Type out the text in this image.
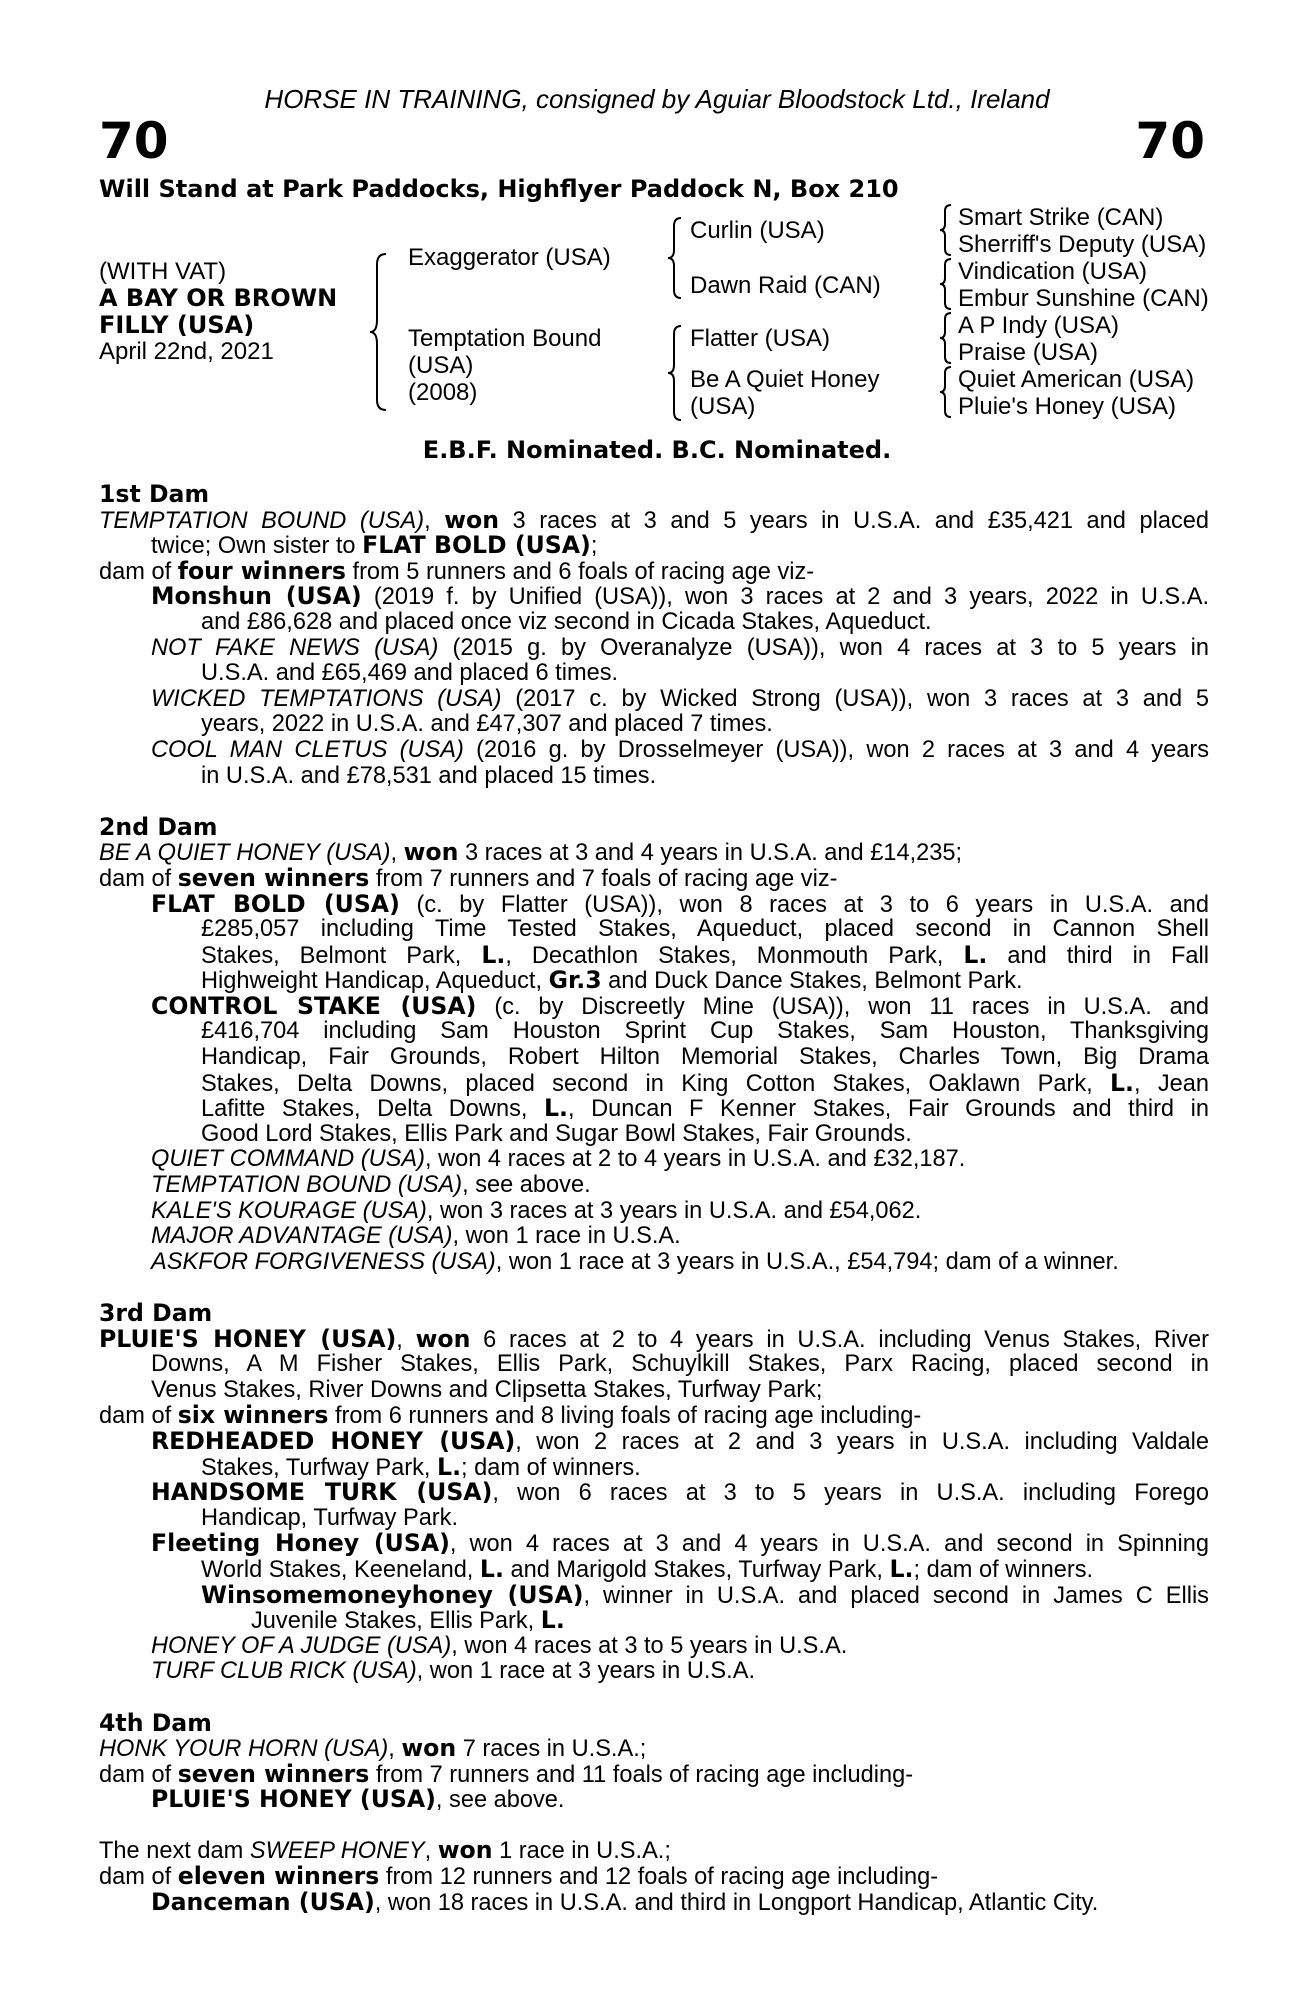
HORSE IN TRAINING, consigned by Aguiar Bloodstock Ltd., Ireland
70	70
Will Stand at Park Paddocks, Highflyer Paddock N, Box 210
(WITH VAT)
A BAY OR BROWN
FILLY (USA)
April 22nd, 2021
Exaggerator (USA)
Temptation Bound
(USA)
(2008)
Curlin (USA)
Dawn Raid (CAN)
Flatter (USA)
Be A Quiet Honey
(USA)
Smart Strike (CAN)
Sherriff's Deputy (USA)
Vindication (USA)
Embur Sunshine (CAN)
A P Indy (USA)
Praise (USA)
Quiet American (USA)
Pluie's Honey (USA)
E.B.F. Nominated. B.C. Nominated.
1st Dam
TEMPTATION BOUND (USA), won 3 races at 3 and 5 years in U.S.A. and £35,421 and placed
twice; Own sister to FLAT BOLD (USA);
dam of four winners from 5 runners and 6 foals of racing age viz-
Monshun (USA) (2019 f. by Unified (USA)), won 3 races at 2 and 3 years, 2022 in U.S.A.
and £86,628 and placed once viz second in Cicada Stakes, Aqueduct.
NOT FAKE NEWS (USA) (2015 g. by Overanalyze (USA)), won 4 races at 3 to 5 years in
U.S.A. and £65,469 and placed 6 times.
WICKED TEMPTATIONS (USA) (2017 c. by Wicked Strong (USA)), won 3 races at 3 and 5
years, 2022 in U.S.A. and £47,307 and placed 7 times.
COOL MAN CLETUS (USA) (2016 g. by Drosselmeyer (USA)), won 2 races at 3 and 4 years
in U.S.A. and £78,531 and placed 15 times.
2nd Dam
BE A QUIET HONEY (USA), won 3 races at 3 and 4 years in U.S.A. and £14,235;
dam of seven winners from 7 runners and 7 foals of racing age viz-
FLAT BOLD (USA) (c. by Flatter (USA)), won 8 races at 3 to 6 years in U.S.A. and
£285,057 including Time Tested Stakes, Aqueduct, placed second in Cannon Shell
Stakes, Belmont Park, L., Decathlon Stakes, Monmouth Park, L. and third in Fall
Highweight Handicap, Aqueduct, Gr.3 and Duck Dance Stakes, Belmont Park.
CONTROL STAKE (USA) (c. by Discreetly Mine (USA)), won 11 races in U.S.A. and
£416,704 including Sam Houston Sprint Cup Stakes, Sam Houston, Thanksgiving
Handicap, Fair Grounds, Robert Hilton Memorial Stakes, Charles Town, Big Drama
Stakes, Delta Downs, placed second in King Cotton Stakes, Oaklawn Park, L., Jean
Lafitte Stakes, Delta Downs, L., Duncan F Kenner Stakes, Fair Grounds and third in
Good Lord Stakes, Ellis Park and Sugar Bowl Stakes, Fair Grounds.
QUIET COMMAND (USA), won 4 races at 2 to 4 years in U.S.A. and £32,187.
TEMPTATION BOUND (USA), see above.
KALE'S KOURAGE (USA), won 3 races at 3 years in U.S.A. and £54,062.
MAJOR ADVANTAGE (USA), won 1 race in U.S.A.
ASKFOR FORGIVENESS (USA), won 1 race at 3 years in U.S.A., £54,794; dam of a winner.
3rd Dam
PLUIE'S HONEY (USA), won 6 races at 2 to 4 years in U.S.A. including Venus Stakes, River
Downs, A M Fisher Stakes, Ellis Park, Schuylkill Stakes, Parx Racing, placed second in
Venus Stakes, River Downs and Clipsetta Stakes, Turfway Park;
dam of six winners from 6 runners and 8 living foals of racing age including-
REDHEADED HONEY (USA), won 2 races at 2 and 3 years in U.S.A. including Valdale
Stakes, Turfway Park, L.; dam of winners.
HANDSOME TURK (USA), won 6 races at 3 to 5 years in U.S.A. including Forego
Handicap, Turfway Park.
Fleeting Honey (USA), won 4 races at 3 and 4 years in U.S.A. and second in Spinning
World Stakes, Keeneland, L. and Marigold Stakes, Turfway Park, L.; dam of winners.
Winsomemoneyhoney (USA), winner in U.S.A. and placed second in James C Ellis
Juvenile Stakes, Ellis Park, L.
HONEY OF A JUDGE (USA), won 4 races at 3 to 5 years in U.S.A.
TURF CLUB RICK (USA), won 1 race at 3 years in U.S.A.
4th Dam
HONK YOUR HORN (USA), won 7 races in U.S.A.;
dam of seven winners from 7 runners and 11 foals of racing age including-
PLUIE'S HONEY (USA), see above.
The next dam SWEEP HONEY, won 1 race in U.S.A.;
dam of eleven winners from 12 runners and 12 foals of racing age including-
Danceman (USA), won 18 races in U.S.A. and third in Longport Handicap, Atlantic City.
